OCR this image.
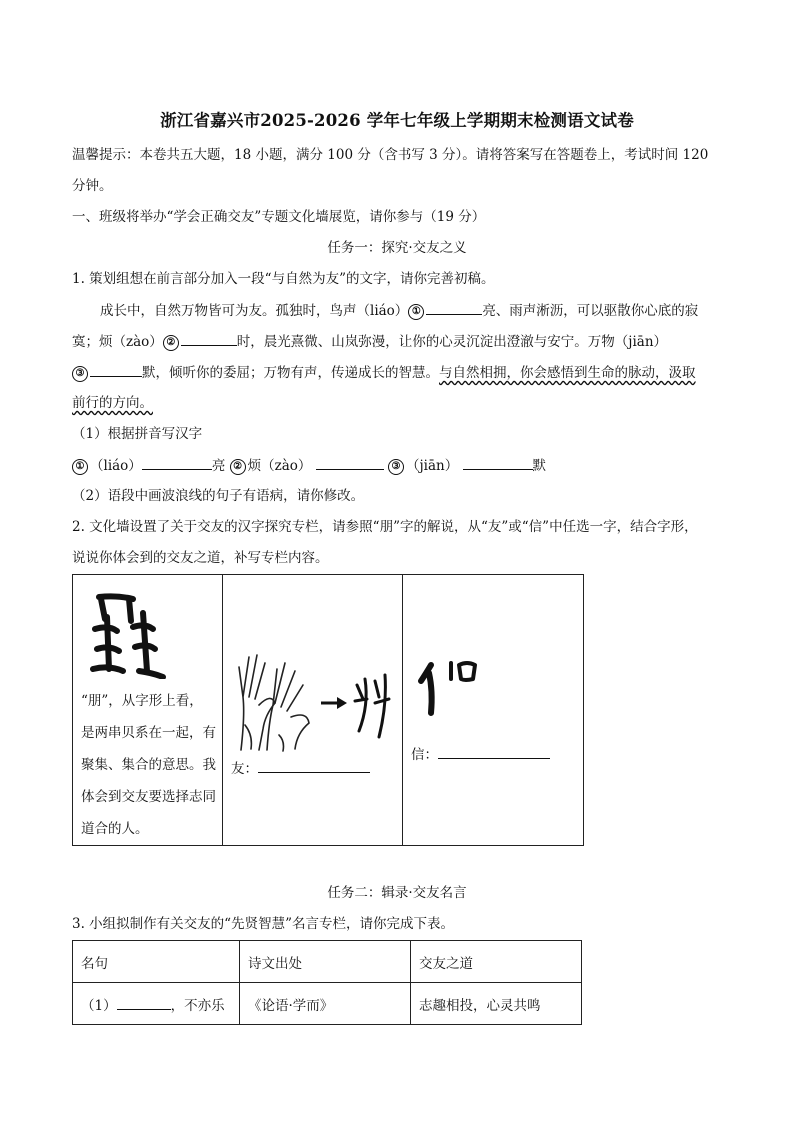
浙江省嘉兴市2025-2026 学年七年级上学期期末检测语文试卷
温馨提示：本卷共五大题，18 小题，满分 100 分（含书写 3 分）。请将答案写在答题卷上，考试时间 120
分钟。
一、班级将举办“学会正确交友”专题文化墙展览，请你参与（19 分）
任务一：探究·交友之义
1. 策划组想在前言部分加入一段“与自然为友”的文字，请你完善初稿。
成长中，自然万物皆可为友。孤独时，鸟声（liáo） ①	亮、雨声淅沥，可以驱散你心底的寂
寞；烦（zào） ②	时，晨光熹微、山岚弥漫，让你的心灵沉淀出澄澈与安宁。万物（jiān）
③	默，倾听你的委屈；万物有声，传递成长的智慧。与自然相拥，你会感悟到生命的脉动，汲取
前行的方向。
（1）根据拼音写汉字
① （liáo）	亮 ② 烦（zào）	③ （jiān）	默
（2）语段中画波浪线的句子有语病，请你修改。
2. 文化墙设置了关于交友的汉字探究专栏，请参照“朋”字的解说，从“友”或“信”中任选一字，结合字形，
说说你体会到的交友之道，补写专栏内容。
“朋”，从字形上看，是两串贝系在一起，有聚集、集合的意思。我体会到交友要选择志同道合的人。

友：

信：
任务二：辑录·交友名言
3. 小组拟制作有关交友的“先贤智慧”名言专栏，请你完成下表。
名句	诗文出处	交友之道
（1） ，不亦乐	《论语·学而》	志趣相投，心灵共鸣
